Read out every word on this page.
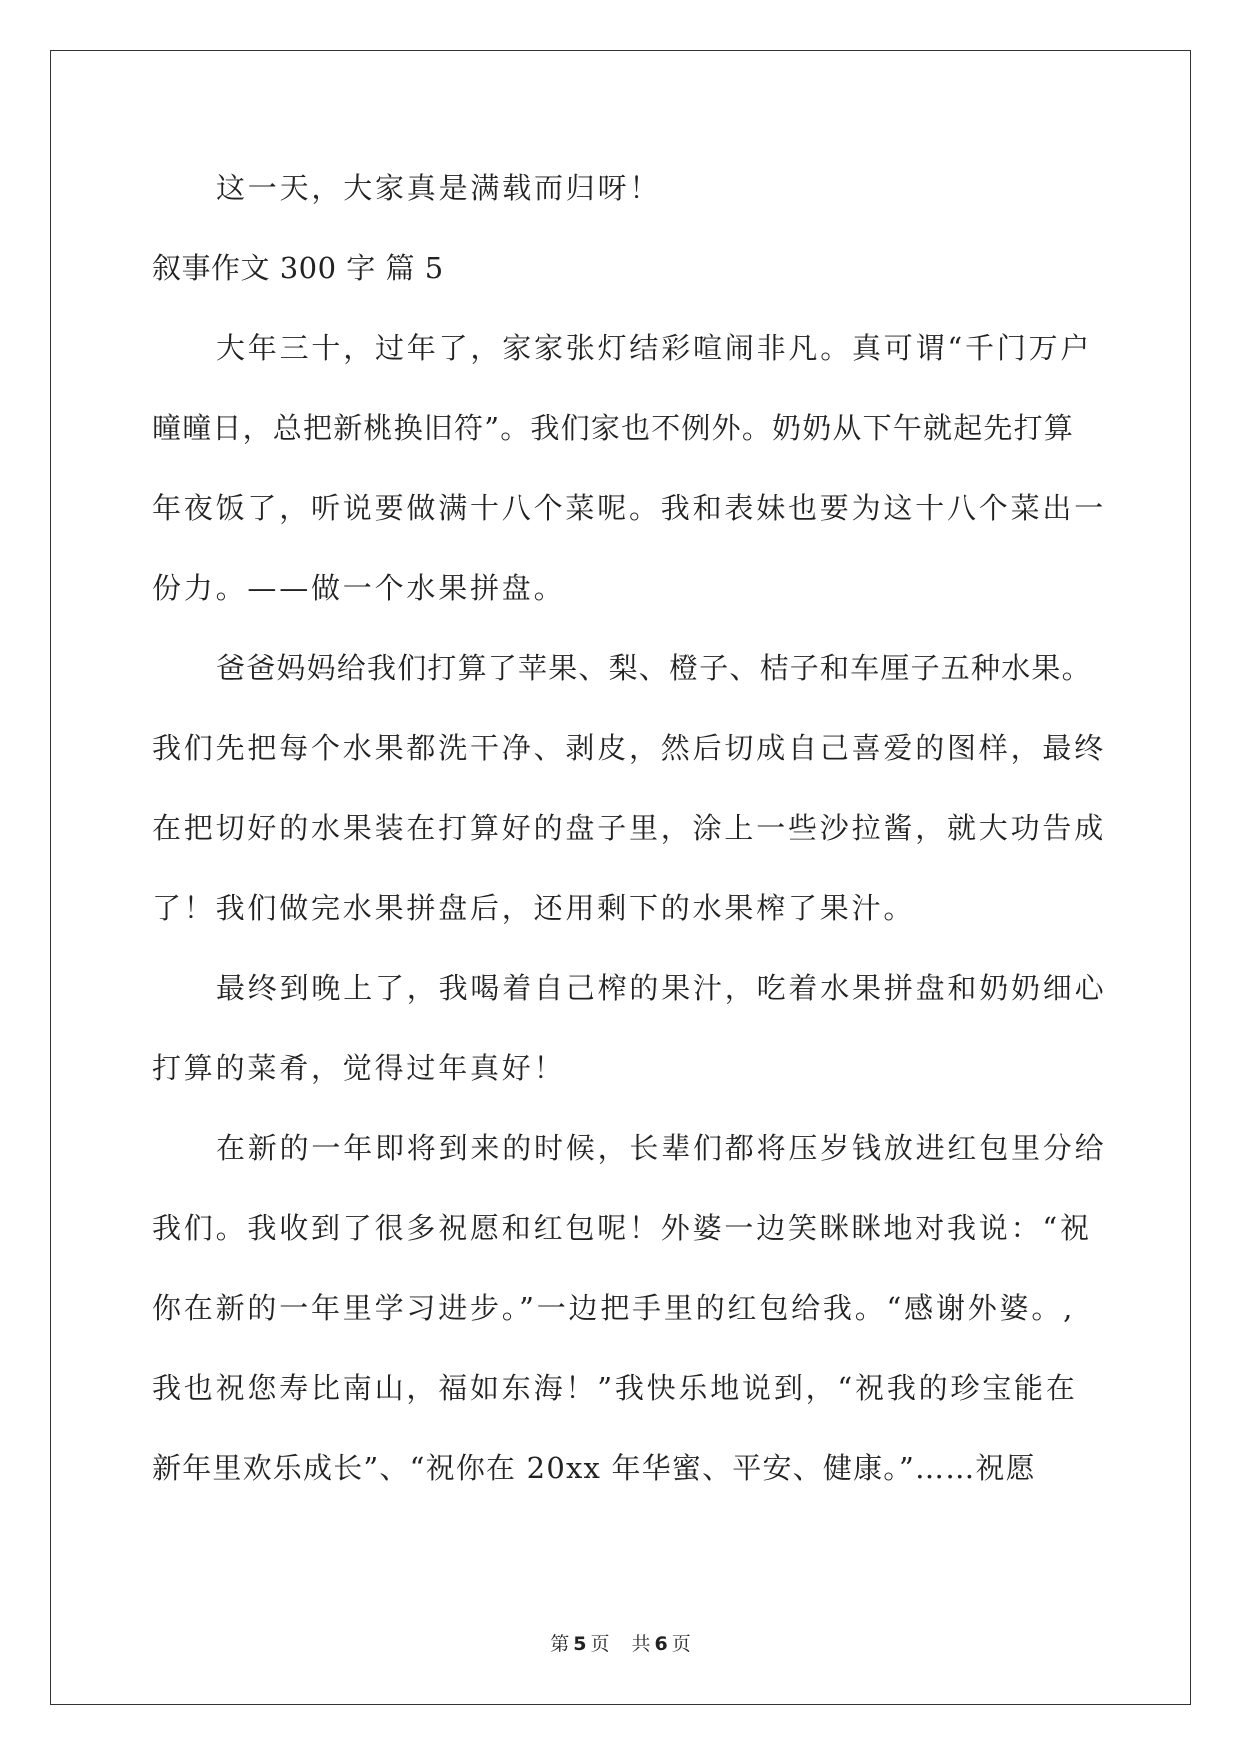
这一天，大家真是满载而归呀！
叙事作文 300 字 篇 5
大年三十，过年了，家家张灯结彩喧闹非凡。真可谓“千门万户
曈曈日，总把新桃换旧符”。我们家也不例外。奶奶从下午就起先打算
年夜饭了，听说要做满十八个菜呢。我和表妹也要为这十八个菜出一
份力。——做一个水果拼盘。
爸爸妈妈给我们打算了苹果、梨、橙子、桔子和车厘子五种水果。
我们先把每个水果都洗干净、剥皮，然后切成自己喜爱的图样，最终
在把切好的水果装在打算好的盘子里，涂上一些沙拉酱，就大功告成
了！我们做完水果拼盘后，还用剩下的水果榨了果汁。
最终到晚上了，我喝着自己榨的果汁，吃着水果拼盘和奶奶细心
打算的菜肴，觉得过年真好！
在新的一年即将到来的时候，长辈们都将压岁钱放进红包里分给
我们。我收到了很多祝愿和红包呢！外婆一边笑眯眯地对我说：“祝
你在新的一年里学习进步。”一边把手里的红包给我。“感谢外婆。,
我也祝您寿比南山，福如东海！”我快乐地说到，“祝我的珍宝能在
新年里欢乐成长”、“祝你在 20xx 年华蜜、平安、健康。”……祝愿
第 5 页 共 6 页
